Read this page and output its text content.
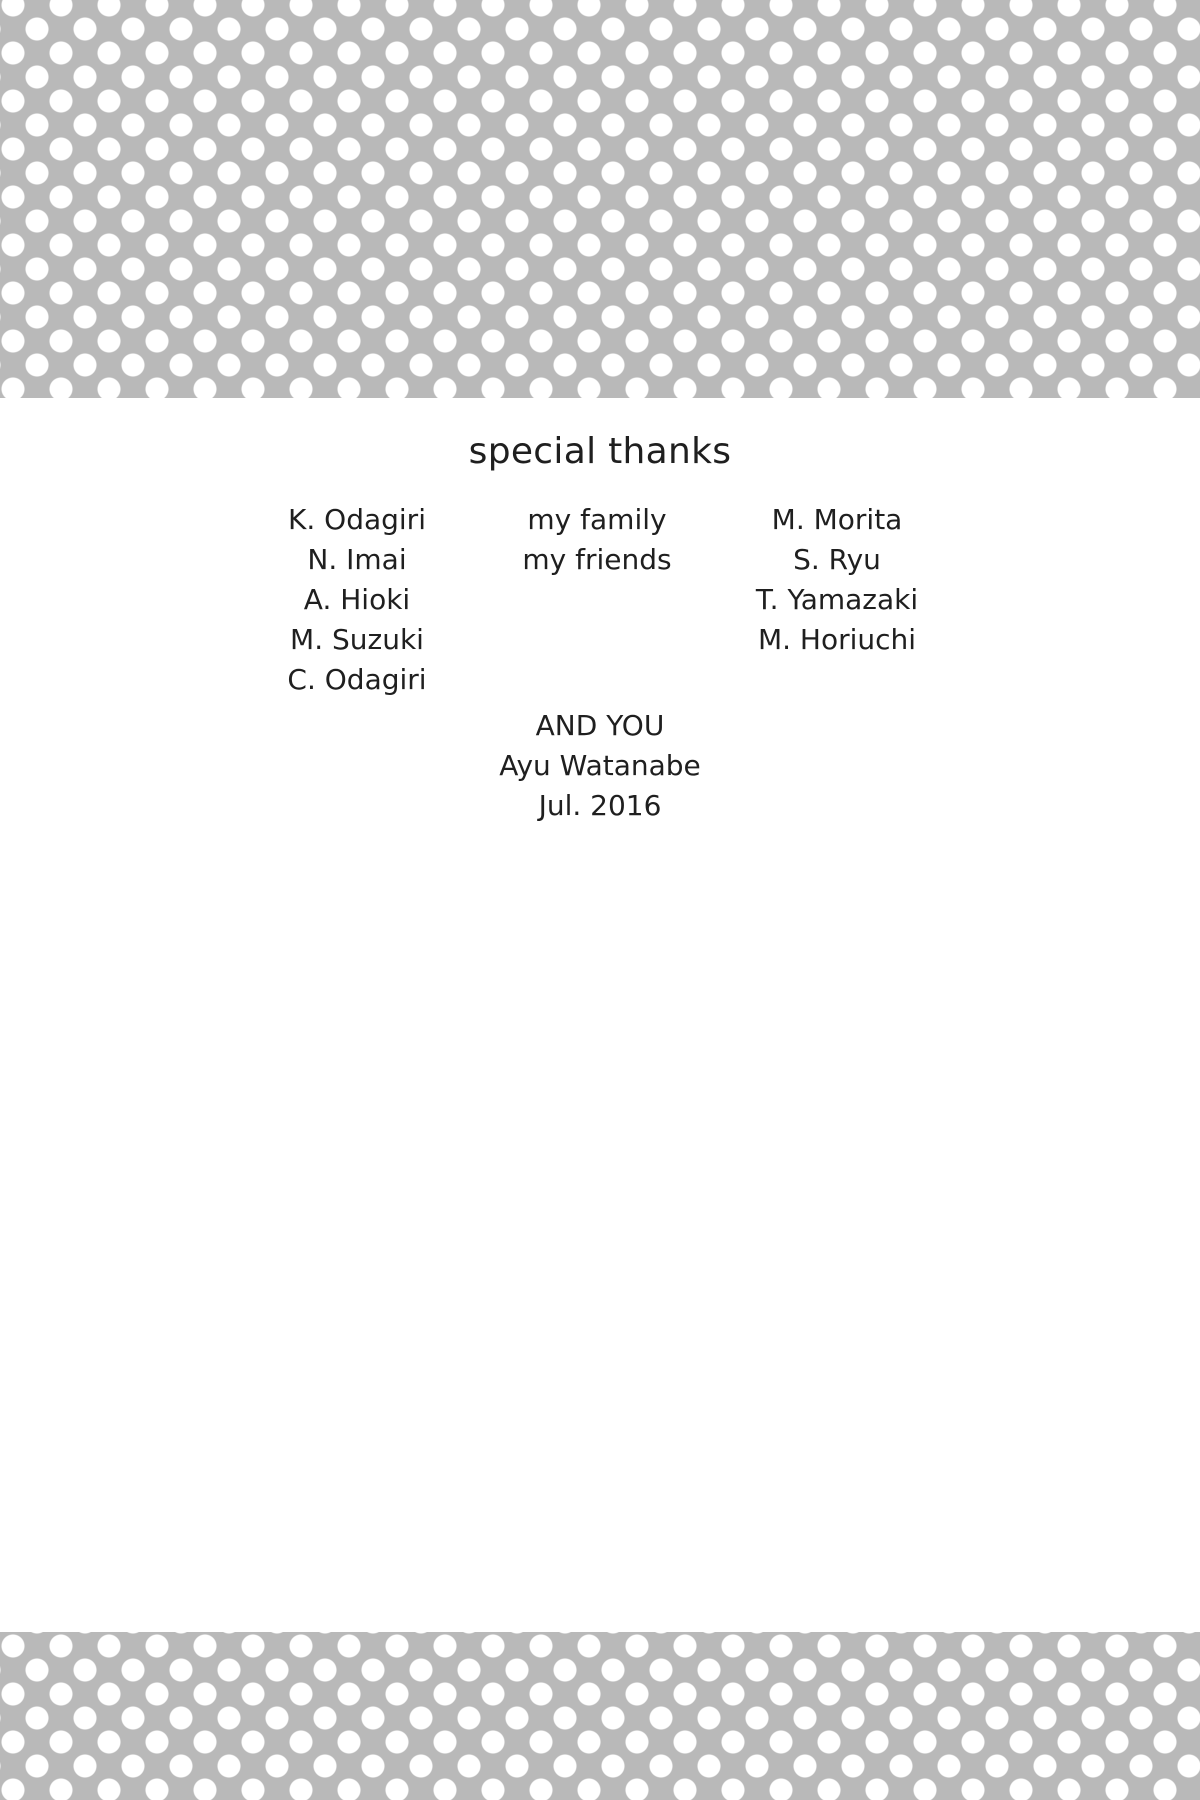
special thanks
K. Odagiri
N. Imai
A. Hioki
M. Suzuki
C. Odagiri
my family
my friends
M. Morita
S. Ryu
T. Yamazaki
M. Horiuchi
AND YOU
Ayu Watanabe
Jul. 2016
